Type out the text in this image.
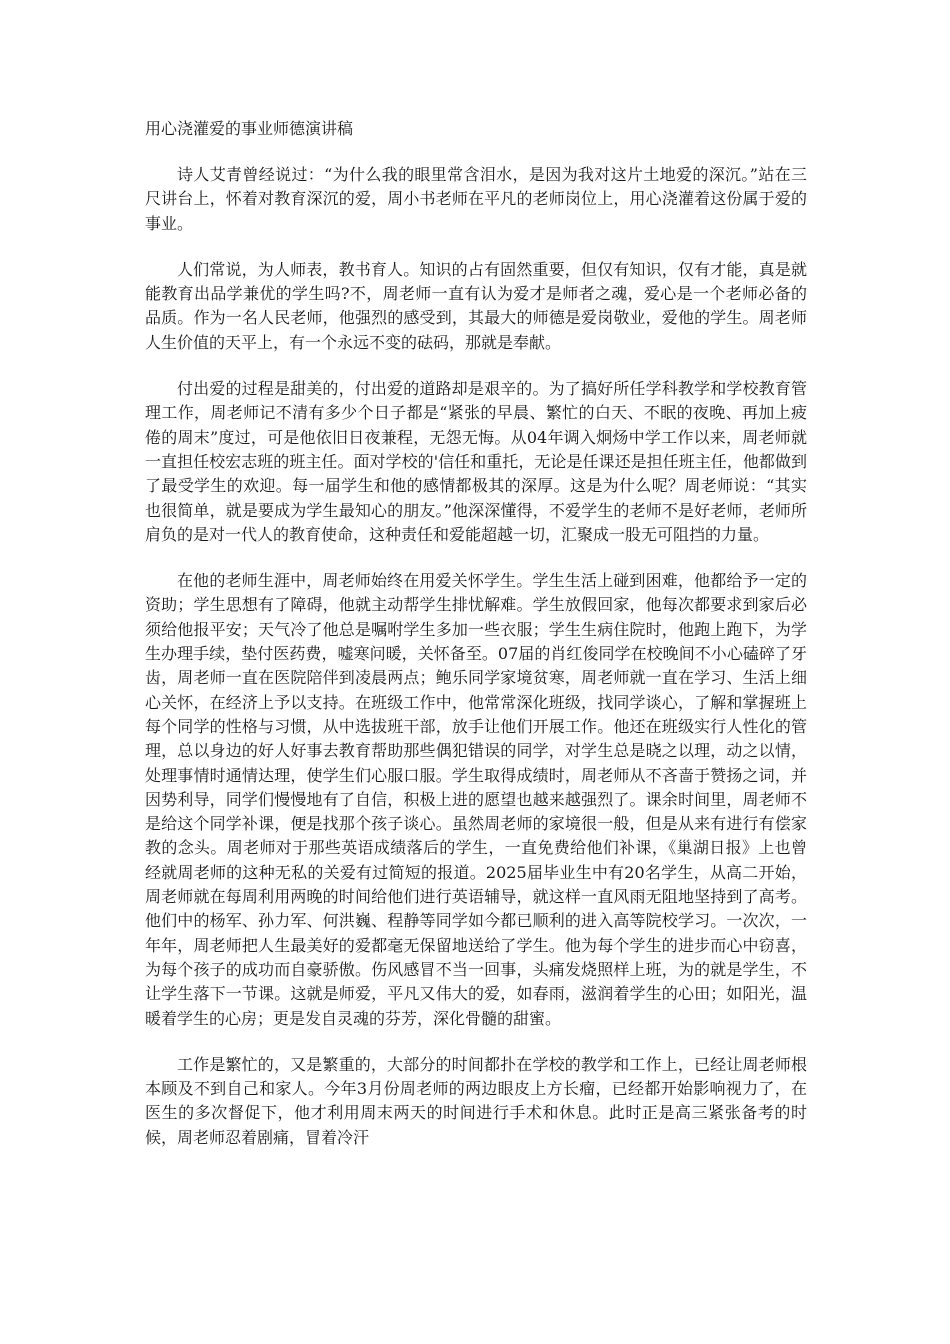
用心浇灌爱的事业师德演讲稿

诗人艾青曾经说过：“为什么我的眼里常含泪水，是因为我对这片土地爱的深沉。”站在三尺讲台上，怀着对教育深沉的爱，周小书老师在平凡的老师岗位上，用心浇灌着这份属于爱的事业。

人们常说，为人师表，教书育人。知识的占有固然重要，但仅有知识，仅有才能，真是就能教育出品学兼优的学生吗?不，周老师一直有认为爱才是师者之魂，爱心是一个老师必备的品质。作为一名人民老师，他强烈的感受到，其最大的师德是爱岗敬业，爱他的学生。周老师人生价值的天平上，有一个永远不变的砝码，那就是奉献。

付出爱的过程是甜美的，付出爱的道路却是艰辛的。为了搞好所任学科教学和学校教育管理工作，周老师记不清有多少个日子都是“紧张的早晨、繁忙的白天、不眠的夜晚、再加上疲倦的周末”度过，可是他依旧日夜兼程，无怨无悔。从04年调入炯炀中学工作以来，周老师就一直担任校宏志班的班主任。面对学校的'信任和重托，无论是任课还是担任班主任，他都做到了最受学生的欢迎。每一届学生和他的感情都极其的深厚。这是为什么呢？周老师说：“其实也很简单，就是要成为学生最知心的朋友。”他深深懂得，不爱学生的老师不是好老师，老师所肩负的是对一代人的教育使命，这种责任和爱能超越一切，汇聚成一股无可阻挡的力量。

在他的老师生涯中，周老师始终在用爱关怀学生。学生生活上碰到困难，他都给予一定的资助；学生思想有了障碍，他就主动帮学生排忧解难。学生放假回家，他每次都要求到家后必须给他报平安；天气冷了他总是嘱咐学生多加一些衣服；学生生病住院时，他跑上跑下，为学生办理手续，垫付医药费，嘘寒问暖，关怀备至。07届的肖红俊同学在校晚间不小心磕碎了牙齿，周老师一直在医院陪伴到凌晨两点；鲍乐同学家境贫寒，周老师就一直在学习、生活上细心关怀，在经济上予以支持。在班级工作中，他常常深化班级，找同学谈心，了解和掌握班上每个同学的性格与习惯，从中选拔班干部，放手让他们开展工作。他还在班级实行人性化的管理，总以身边的好人好事去教育帮助那些偶犯错误的同学，对学生总是晓之以理，动之以情，处理事情时通情达理，使学生们心服口服。学生取得成绩时，周老师从不吝啬于赞扬之词，并因势利导，同学们慢慢地有了自信，积极上进的愿望也越来越强烈了。课余时间里，周老师不是给这个同学补课，便是找那个孩子谈心。虽然周老师的家境很一般，但是从来有进行有偿家教的念头。周老师对于那些英语成绩落后的学生，一直免费给他们补课，《巢湖日报》上也曾经就周老师的这种无私的关爱有过简短的报道。2025届毕业生中有20名学生，从高二开始，周老师就在每周利用两晚的时间给他们进行英语辅导，就这样一直风雨无阻地坚持到了高考。他们中的杨军、孙力军、何洪巍、程静等同学如今都已顺利的进入高等院校学习。一次次，一年年，周老师把人生最美好的爱都毫无保留地送给了学生。他为每个学生的进步而心中窃喜，为每个孩子的成功而自豪骄傲。伤风感冒不当一回事，头痛发烧照样上班，为的就是学生，不让学生落下一节课。这就是师爱，平凡又伟大的爱，如春雨，滋润着学生的心田；如阳光，温暖着学生的心房；更是发自灵魂的芬芳，深化骨髓的甜蜜。

工作是繁忙的，又是繁重的，大部分的时间都扑在学校的教学和工作上，已经让周老师根本顾及不到自己和家人。今年3月份周老师的两边眼皮上方长瘤，已经都开始影响视力了，在医生的多次督促下，他才利用周末两天的时间进行手术和休息。此时正是高三紧张备考的时候，周老师忍着剧痛，冒着冷汗
